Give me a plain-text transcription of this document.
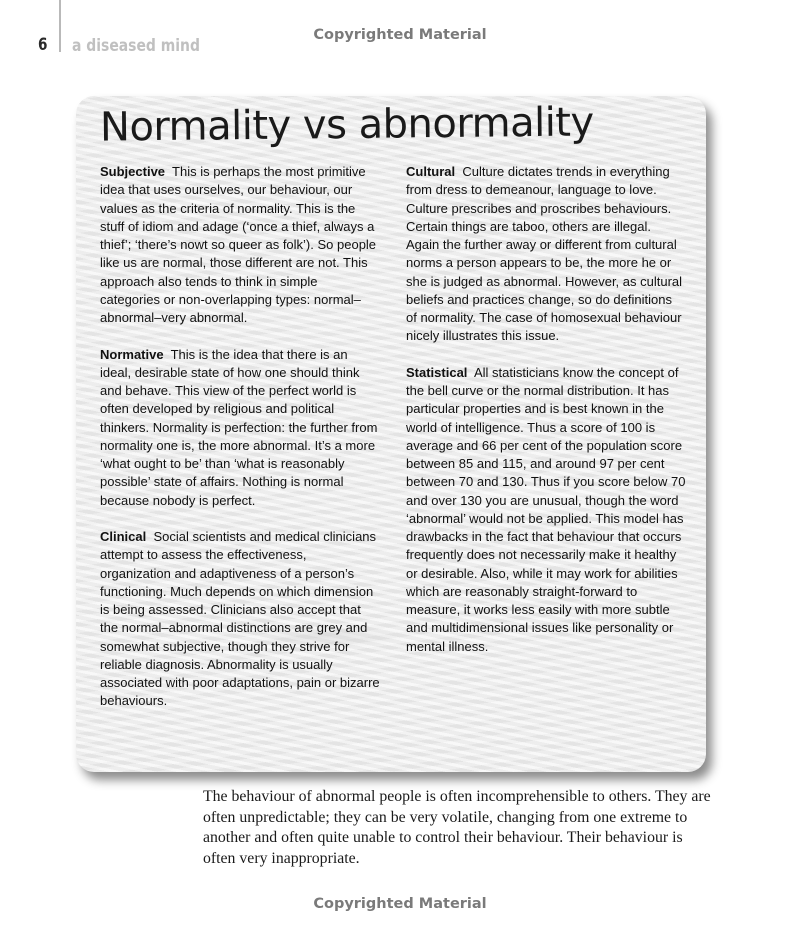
6 a diseased mind
Copyrighted Material
Normality vs abnormality

Subjective This is perhaps the most primitive idea that uses ourselves, our behaviour, our values as the criteria of normality. This is the stuff of idiom and adage (‘once a thief, always a thief’; ‘there’s nowt so queer as folk’). So people like us are normal, those different are not. This approach also tends to think in simple categories or non-overlapping types: normal–abnormal–very abnormal.

Normative This is the idea that there is an ideal, desirable state of how one should think and behave. This view of the perfect world is often developed by religious and political thinkers. Normality is perfection: the further from normality one is, the more abnormal. It’s a more ‘what ought to be’ than ‘what is reasonably possible’ state of affairs. Nothing is normal because nobody is perfect.

Clinical Social scientists and medical clinicians attempt to assess the effectiveness, organization and adaptiveness of a person’s functioning. Much depends on which dimension is being assessed. Clinicians also accept that the normal–abnormal distinctions are grey and somewhat subjective, though they strive for reliable diagnosis. Abnormality is usually associated with poor adaptations, pain or bizarre behaviours.

Cultural Culture dictates trends in everything from dress to demeanour, language to love. Culture prescribes and proscribes behaviours. Certain things are taboo, others are illegal. Again the further away or different from cultural norms a person appears to be, the more he or she is judged as abnormal. However, as cultural beliefs and practices change, so do definitions of normality. The case of homosexual behaviour nicely illustrates this issue.

Statistical All statisticians know the concept of the bell curve or the normal distribution. It has particular properties and is best known in the world of intelligence. Thus a score of 100 is average and 66 per cent of the population score between 85 and 115, and around 97 per cent between 70 and 130. Thus if you score below 70 and over 130 you are unusual, though the word ‘abnormal’ would not be applied. This model has drawbacks in the fact that behaviour that occurs frequently does not necessarily make it healthy or desirable. Also, while it may work for abilities which are reasonably straight-forward to measure, it works less easily with more subtle and multidimensional issues like personality or mental illness.

The behaviour of abnormal people is often incomprehensible to others. They are often unpredictable; they can be very volatile, changing from one extreme to another and often quite unable to control their behaviour. Their behaviour is often very inappropriate.

Copyrighted Material
